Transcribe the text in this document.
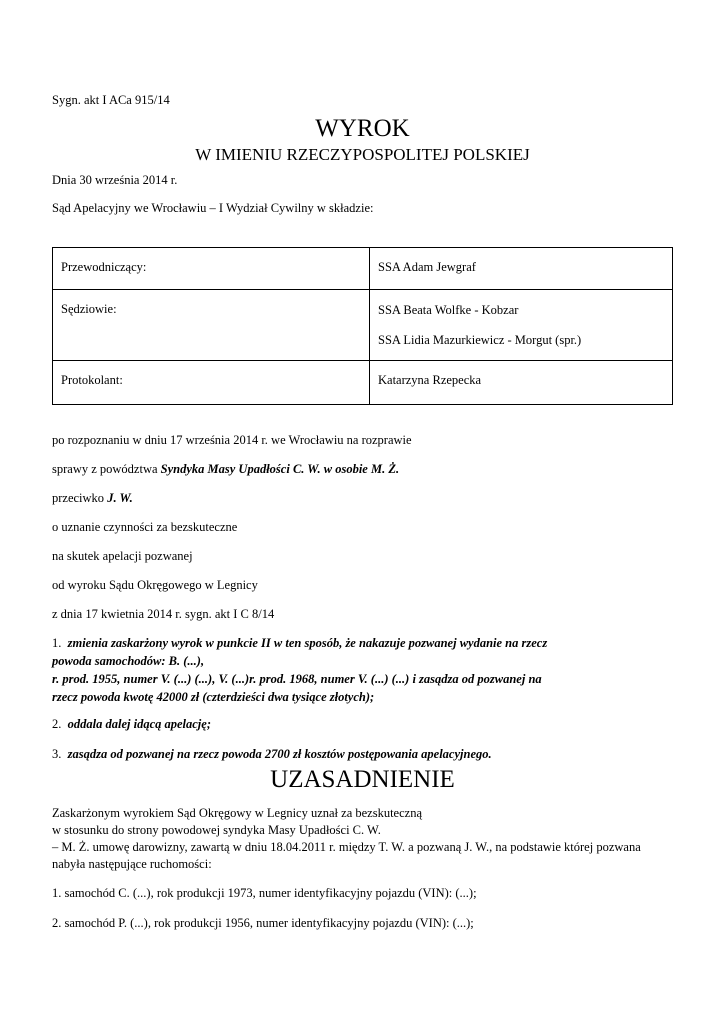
Sygn. akt I ACa 915/14
WYROK
W IMIENIU RZECZYPOSPOLITEJ POLSKIEJ
Dnia 30 września 2014 r.
Sąd Apelacyjny we Wrocławiu – I Wydział Cywilny w składzie:
Przewodniczący:	SSA Adam Jewgraf
Sędziowie:	SSA Beata Wolfke - Kobzar
SSA Lidia Mazurkiewicz - Morgut (spr.)

Protokolant:	Katarzyna Rzepecka
po rozpoznaniu w dniu 17 września 2014 r. we Wrocławiu na rozprawie
sprawy z powództwa Syndyka Masy Upadłości C. W. w osobie M. Ż.
przeciwko J. W.
o uznanie czynności za bezskuteczne
na skutek apelacji pozwanej
od wyroku Sądu Okręgowego w Legnicy
z dnia 17 kwietnia 2014 r. sygn. akt I C 8/14
1. zmienia zaskarżony wyrok w punkcie II w ten sposób, że nakazuje pozwanej wydanie na rzecz
powoda samochodów: B. (...),
r. prod. 1955, numer V. (...) (...), V. (...)r. prod. 1968, numer V. (...) (...) i zasądza od pozwanej na
rzecz powoda kwotę 42000 zł (czterdzieści dwa tysiące złotych);
2. oddala dalej idącą apelację;
3. zasądza od pozwanej na rzecz powoda 2700 zł kosztów postępowania apelacyjnego.
UZASADNIENIE
Zaskarżonym wyrokiem Sąd Okręgowy w Legnicy uznał za bezskuteczną
w stosunku do strony powodowej syndyka Masy Upadłości C. W.
– M. Ż. umowę darowizny, zawartą w dniu 18.04.2011 r. między T. W. a pozwaną J. W., na podstawie której pozwana
nabyła następujące ruchomości:
1. samochód C. (...), rok produkcji 1973, numer identyfikacyjny pojazdu (VIN): (...);
2. samochód P. (...), rok produkcji 1956, numer identyfikacyjny pojazdu (VIN): (...);
